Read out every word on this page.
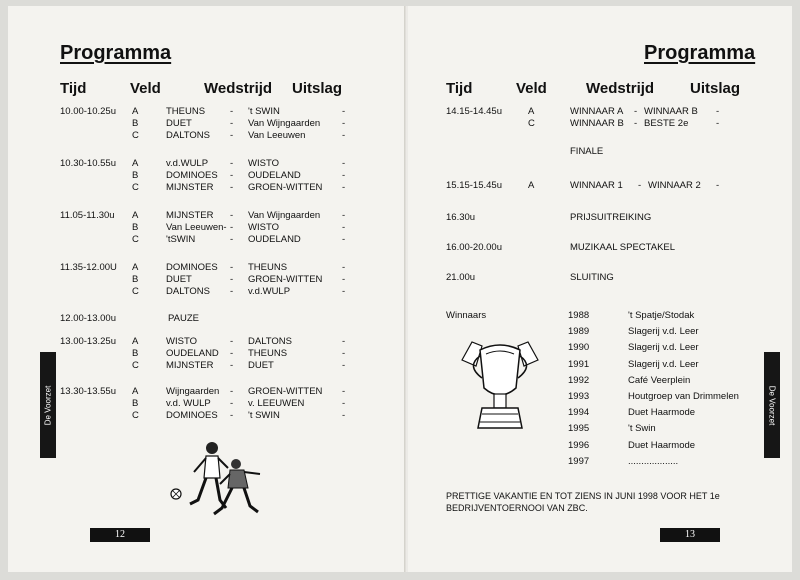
Programma
Tijd	Veld	Wedstrijd Uitslag
10.00-10.25u A	THEUNS	- 't SWIN	-
B	DUET	- Van Wijngaarden -
C	DALTONS - Van Leeuwen	-
10.30-10.55u A	v.d.WULP - WISTO	-
B	DOMINOES - OUDELAND	-
C	MIJNSTER - GROEN-WITTEN -
11.05-11.30u A	MIJNSTER - Van Wijngaarden -
B	Van Leeuwen- - WISTO	-
C	'tSWIN	- OUDELAND	-
11.35-12.00U A	DOMINOES - THEUNS	-
B	DUET	- GROEN-WITTEN -
C	DALTONS - v.d.WULP	-
12.00-13.00u	PAUZE
13.00-13.25u A	WISTO	- DALTONS	-
B	OUDELAND - THEUNS	-
C	MIJNSTER - DUET	-
13.30-13.55u A	Wijngaarden - GROEN-WITTEN -
B	v.d. WULP - v. LEEUWEN	-
C	DOMINOES - 't SWIN	-
De Voorzet
12
Programma
Tijd	Veld	Wedstrijd Uitslag
14.15-14.45u	A	WINNAAR A - WINNAAR B -
C	WINNAAR B - BESTE 2e	-
FINALE
15.15-15.45u	A	WINNAAR 1 - WINNAAR 2 -
16.30u	PRIJSUITREIKING
16.00-20.00u	MUZIKAAL SPECTAKEL
21.00u	SLUITING
Winnaars	1988	't Spatje/Stodak
1989	Slagerij v.d. Leer
1990	Slagerij v.d. Leer
1991	Slagerij v.d. Leer
1992	Café Veerplein
1993	Houtgroep van Drimmelen
1994	Duet Haarmode
1995	't Swin
1996	Duet Haarmode
1997	...................
PRETTIGE VAKANTIE EN TOT ZIENS IN JUNI 1998 VOOR HET 1e BEDRIJVENTOERNOOI VAN ZBC.
De Voorzet
13
